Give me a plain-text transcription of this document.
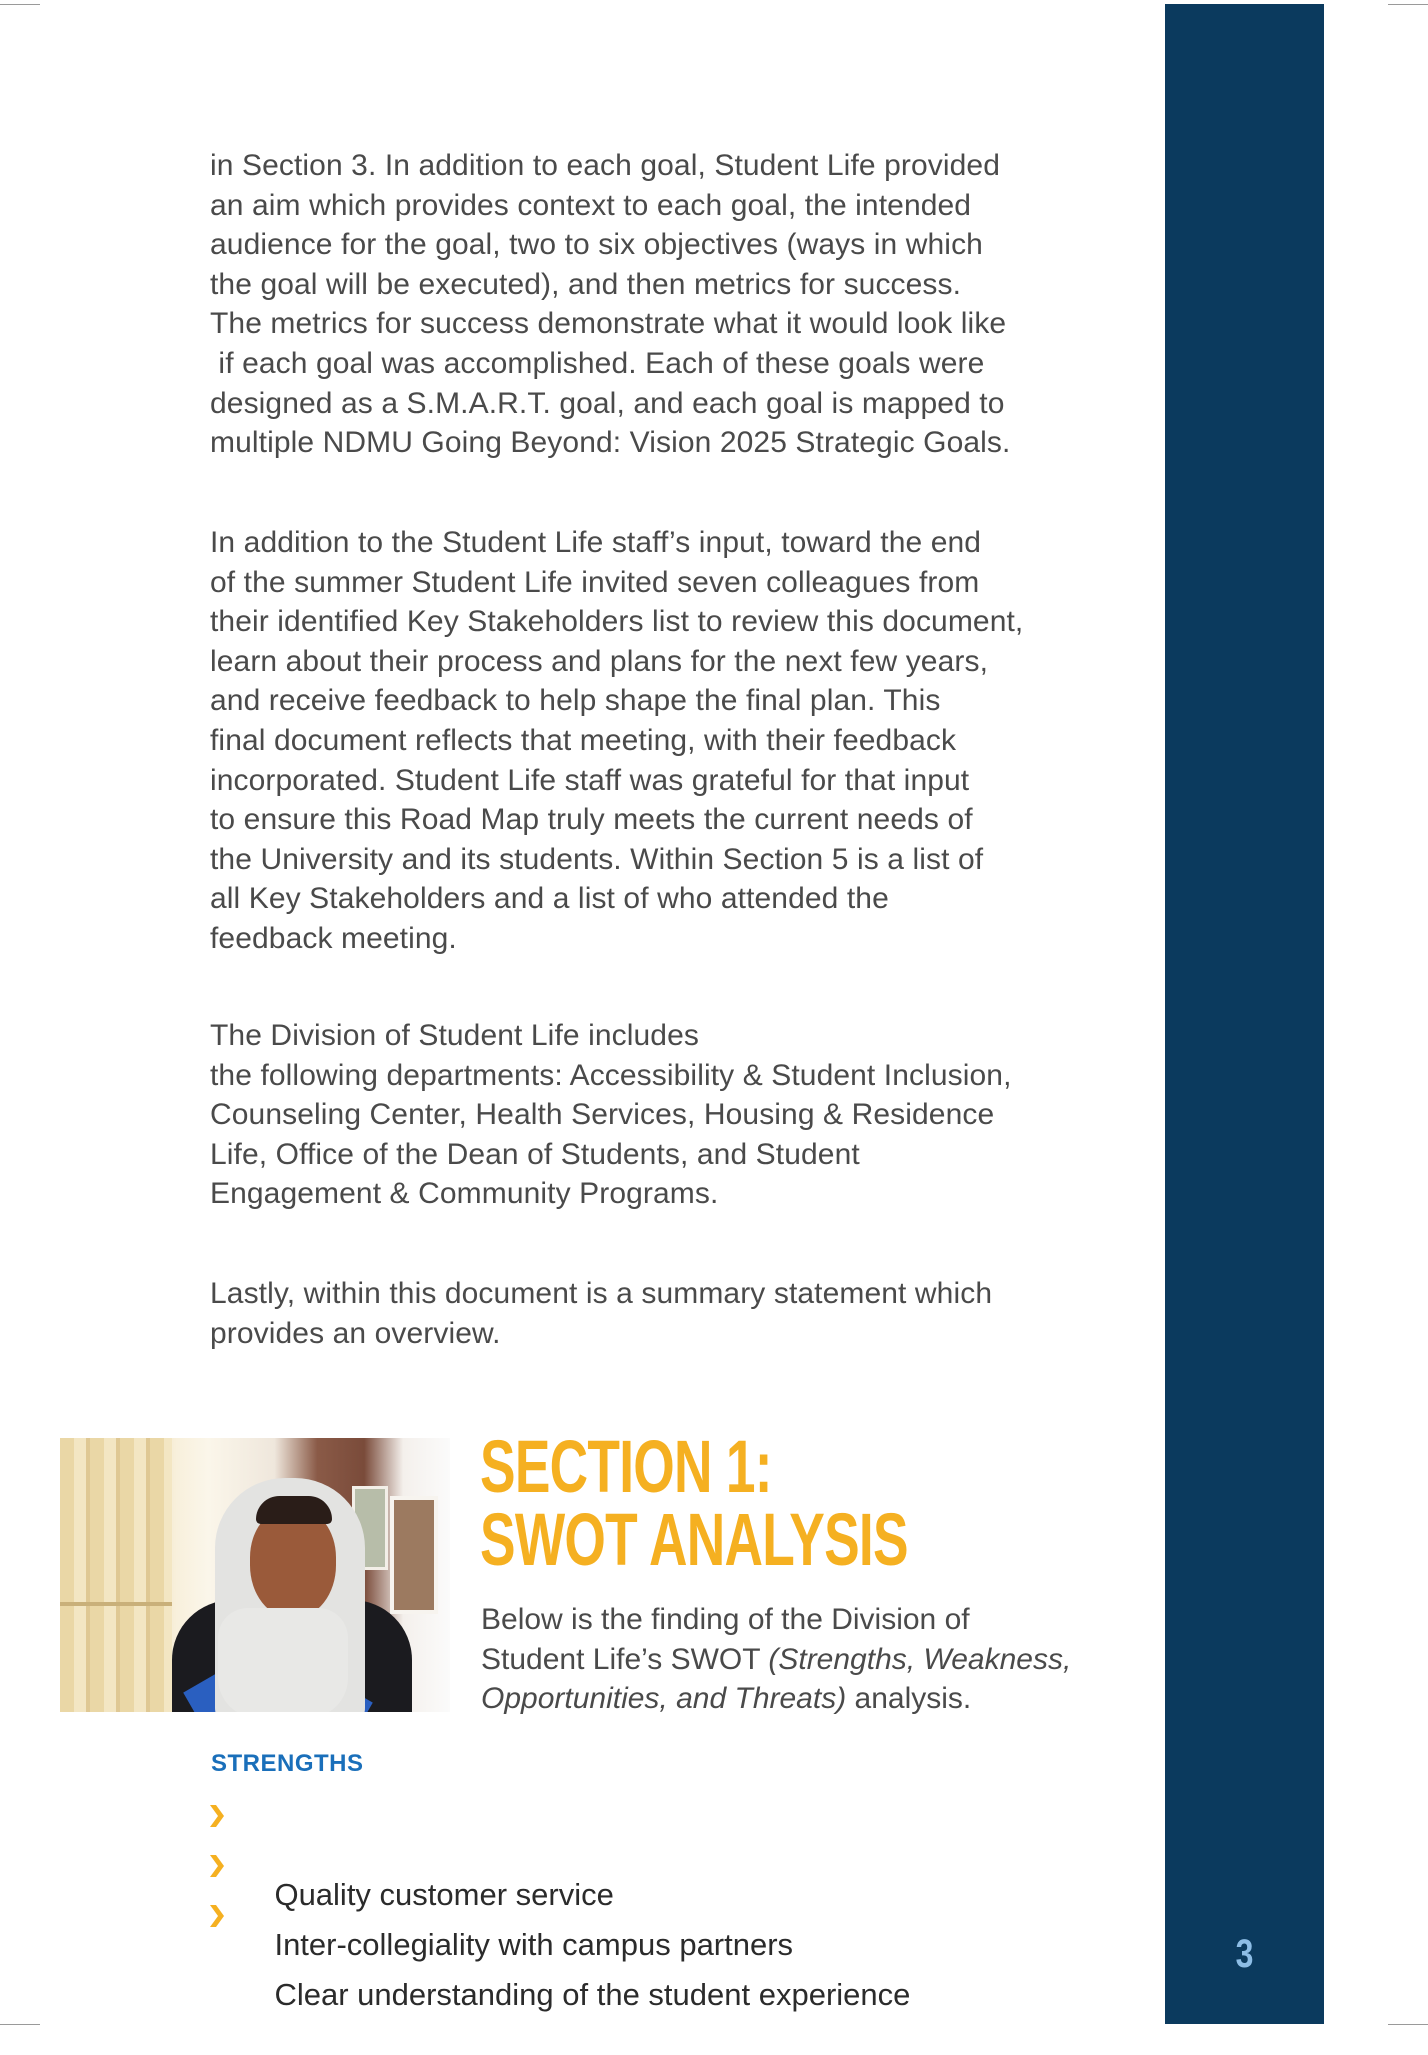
3
in Section 3. In addition to each goal, Student Life provided
an aim which provides context to each goal, the intended
audience for the goal, two to six objectives (ways in which
the goal will be executed), and then metrics for success.
The metrics for success demonstrate what it would look like
if each goal was accomplished. Each of these goals were
designed as a S.M.A.R.T. goal, and each goal is mapped to
multiple NDMU Going Beyond: Vision 2025 Strategic Goals.
In addition to the Student Life staff’s input, toward the end
of the summer Student Life invited seven colleagues from
their identified Key Stakeholders list to review this document,
learn about their process and plans for the next few years,
and receive feedback to help shape the final plan. This
final document reflects that meeting, with their feedback
incorporated. Student Life staff was grateful for that input
to ensure this Road Map truly meets the current needs of
the University and its students. Within Section 5 is a list of
all Key Stakeholders and a list of who attended the
feedback meeting.
The Division of Student Life includes
the following departments: Accessibility & Student Inclusion,
Counseling Center, Health Services, Housing & Residence
Life, Office of the Dean of Students, and Student
Engagement & Community Programs.
Lastly, within this document is a summary statement which
provides an overview.
SECTION 1:
SWOT ANALYSIS
Below is the finding of the Division of
Student Life’s SWOT (Strengths, Weakness,
Opportunities, and Threats) analysis.
STRENGTHS

Quality customer service

Inter-collegiality with campus partners

Clear understanding of the student experience
